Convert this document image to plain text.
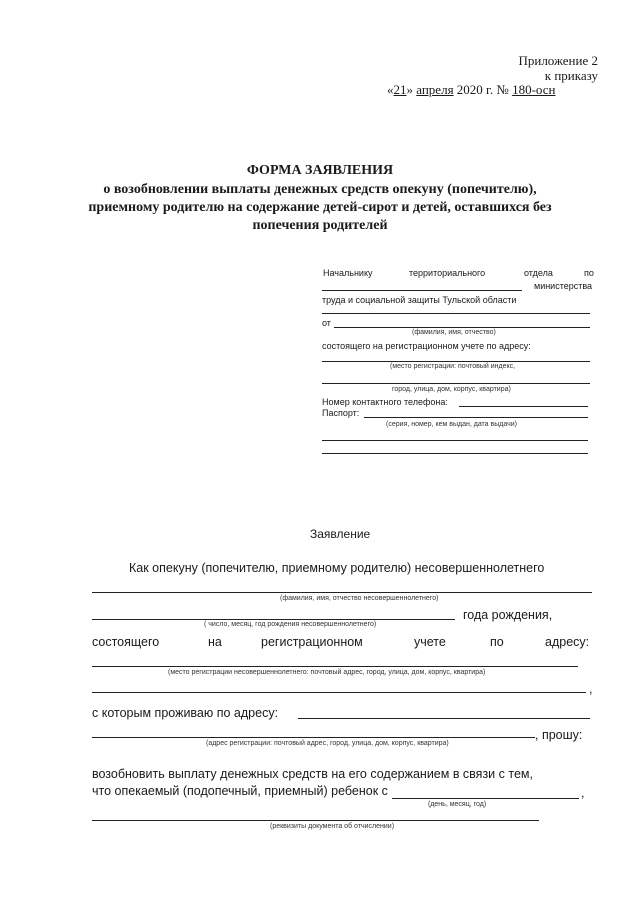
Приложение 2
к приказу
«21» апреля 2020 г. № 180-осн
ФОРМА ЗАЯВЛЕНИЯ
о возобновлении выплаты денежных средств опекуну (попечителю),
приемному родителю на содержание детей-сирот и детей, оставшихся без
попечения родителей
Начальнику	территориального	отдела	по
министерства
труда и социальной защиты Тульской области
от
(фамилия, имя, отчество)
состоящего на регистрационном учете по адресу:
(место регистрации: почтовый индекс,
город, улица, дом, корпус, квартира)
Номер контактного телефона:
Паспорт:
(серия, номер, кем выдан, дата выдачи)
Заявление
Как опекуну (попечителю, приемному родителю) несовершеннолетнего
(фамилия, имя, отчество несовершеннолетнего)
года рождения,
( число, месяц, год рождения несовершеннолетнего)
состоящего	на	регистрационном	учете	по	адресу:
(место регистрации несовершеннолетнего: почтовый адрес, город, улица, дом, корпус, квартира)
,
с которым проживаю по адресу:
, прошу:
(адрес регистрации: почтовый адрес, город, улица, дом, корпус, квартира)
возобновить выплату денежных средств на его содержанием в связи с тем,
что опекаемый (подопечный, приемный) ребенок с	,
(день, месяц, год)
(реквизиты документа об отчислении)
